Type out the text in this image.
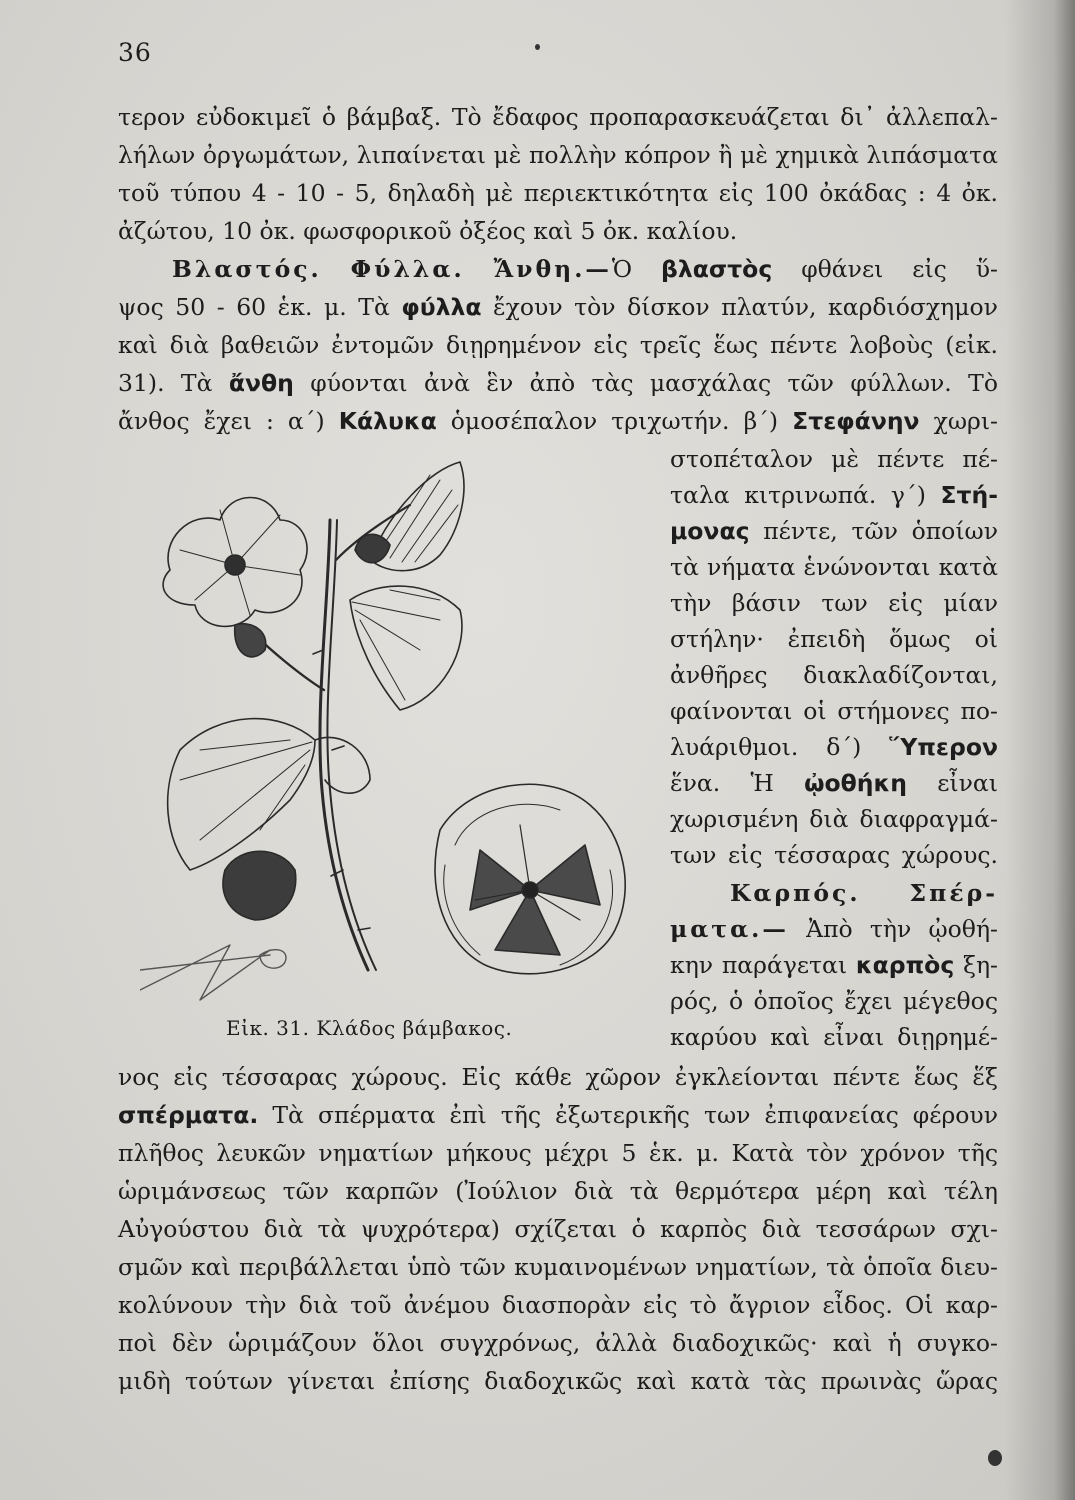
36
τερον εὐδοκιμεῖ ὁ βάμβαξ. Τὸ ἔδαφος προπαρασκευάζεται δι᾽ ἀλλεπαλ-
λήλων ὀργωμάτων, λιπαίνεται μὲ πολλὴν κόπρον ἢ μὲ χημικὰ λιπάσματα
τοῦ τύπου 4 - 10 - 5, δηλαδὴ μὲ περιεκτικότητα εἰς 100 ὀκάδας : 4 ὀκ.
ἀζώτου, 10 ὀκ. φωσφορικοῦ ὀξέος καὶ 5 ὀκ. καλίου.
Βλαστός. Φύλλα. Ἄνθη.—Ὁ βλαστὸς φθάνει εἰς ὕ-
ψος 50 - 60 ἑκ. μ. Τὰ φύλλα ἔχουν τὸν δίσκον πλατύν, καρδιόσχημον
καὶ διὰ βαθειῶν ἐντομῶν διῃρημένον εἰς τρεῖς ἕως πέντε λοβοὺς (εἰκ.
31). Τὰ ἄνθη φύονται ἀνὰ ἓν ἀπὸ τὰς μασχάλας τῶν φύλλων. Τὸ
ἄνθος ἔχει : α΄) Κάλυκα ὁμοσέπαλον τριχωτήν. β΄) Στεφάνην χωρι-
στοπέταλον μὲ πέντε πέ-
ταλα κιτρινωπά. γ΄) Στή-
μονας πέντε, τῶν ὁποίων
τὰ νήματα ἑνώνονται κατὰ
τὴν βάσιν των εἰς μίαν
στήλην· ἐπειδὴ ὅμως οἱ
ἀνθῆρες διακλαδίζονται,
φαίνονται οἱ στήμονες πο-
λυάριθμοι. δ΄) Ὕπερον
ἕνα. Ἡ ᾠοθήκη εἶναι
χωρισμένη διὰ διαφραγμά-
των εἰς τέσσαρας χώρους.
Καρπός. Σπέρ-
ματα.— Ἀπὸ τὴν ᾠοθή-
κην παράγεται καρπὸς ξη-
ρός, ὁ ὁποῖος ἔχει μέγεθος
καρύου καὶ εἶναι διῃρημέ-
Εἰκ. 31. Κλάδος βάμβακος.
νος εἰς τέσσαρας χώρους. Εἰς κάθε χῶρον ἐγκλείονται πέντε ἕως ἕξ
σπέρματα. Τὰ σπέρματα ἐπὶ τῆς ἐξωτερικῆς των ἐπιφανείας φέρουν
πλῆθος λευκῶν νηματίων μήκους μέχρι 5 ἑκ. μ. Κατὰ τὸν χρόνον τῆς
ὡριμάνσεως τῶν καρπῶν (Ἰούλιον διὰ τὰ θερμότερα μέρη καὶ τέλη
Αὐγούστου διὰ τὰ ψυχρότερα) σχίζεται ὁ καρπὸς διὰ τεσσάρων σχι-
σμῶν καὶ περιβάλλεται ὑπὸ τῶν κυμαινομένων νηματίων, τὰ ὁποῖα διευ-
κολύνουν τὴν διὰ τοῦ ἀνέμου διασπορὰν εἰς τὸ ἄγριον εἶδος. Οἱ καρ-
ποὶ δὲν ὡριμάζουν ὅλοι συγχρόνως, ἀλλὰ διαδοχικῶς· καὶ ἡ συγκο-
μιδὴ τούτων γίνεται ἐπίσης διαδοχικῶς καὶ κατὰ τὰς πρωινὰς ὥρας
